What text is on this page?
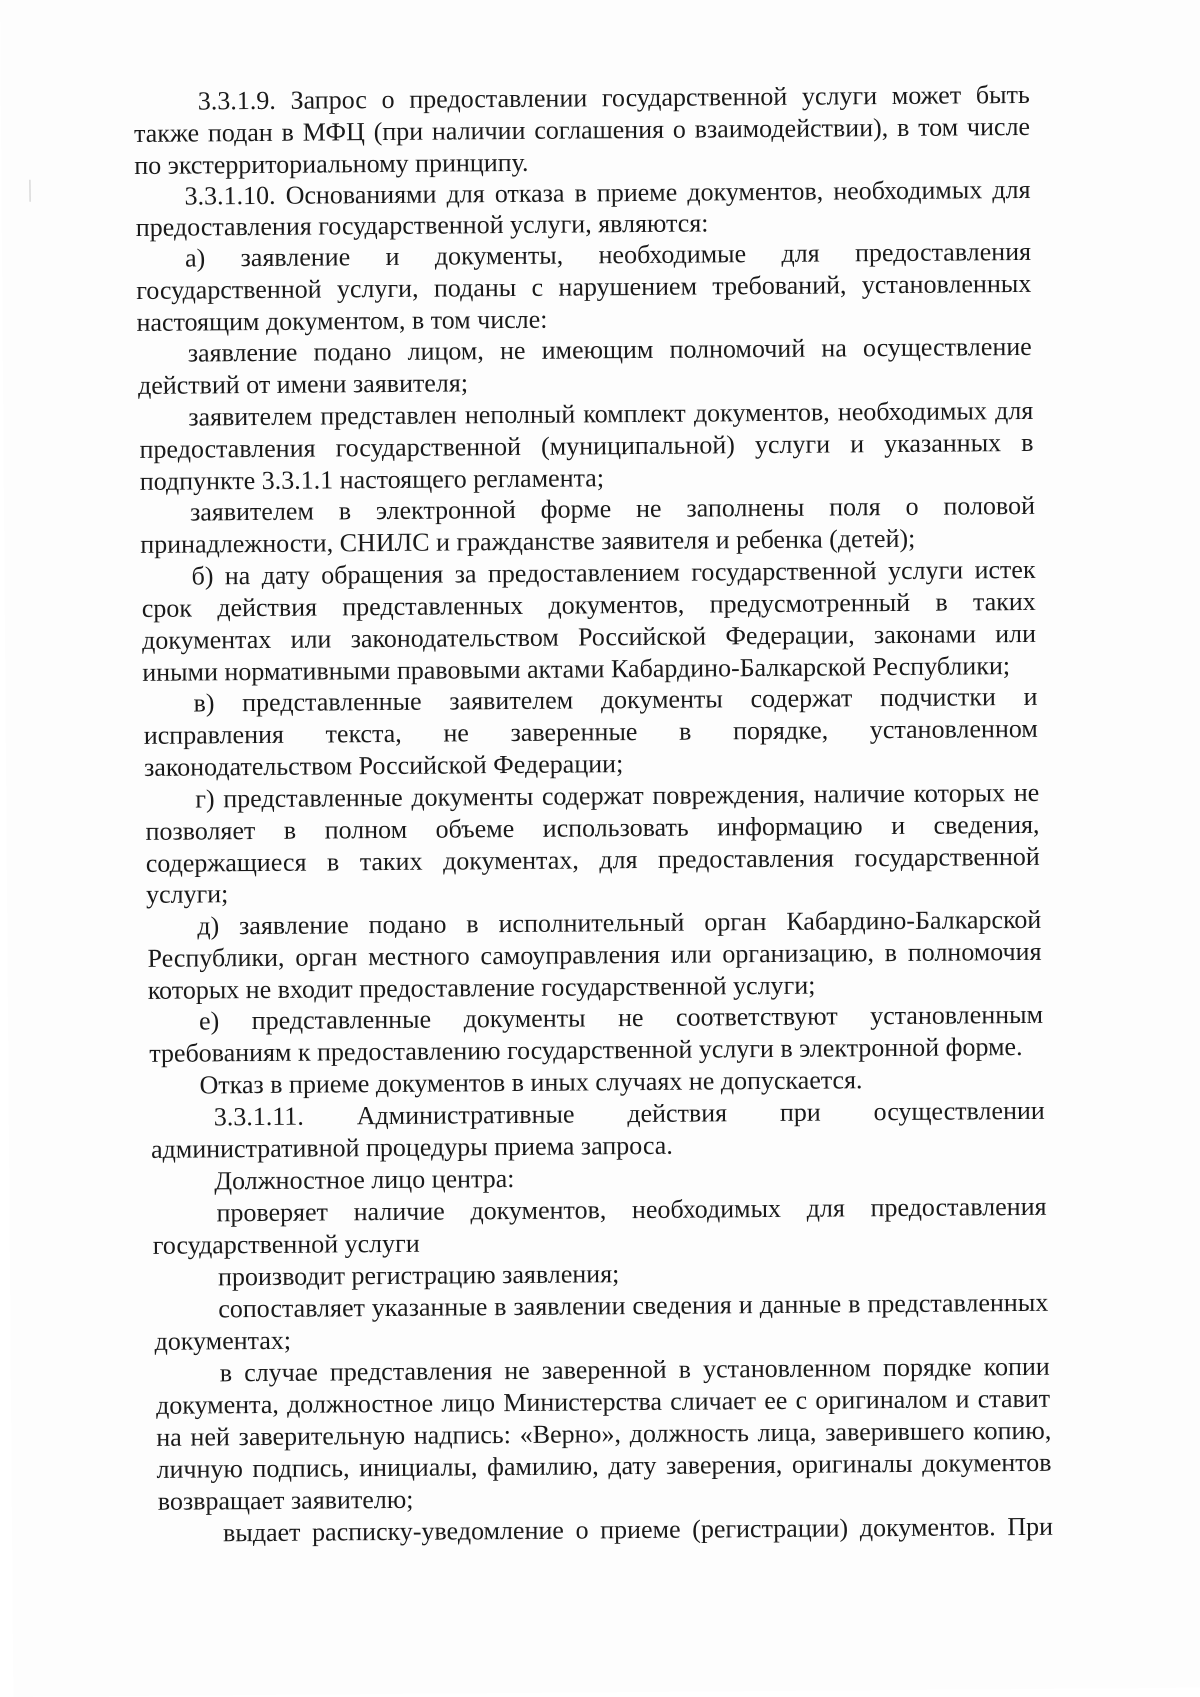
3.3.1.9. Запрос о предоставлении государственной услуги может быть

также подан в МФЦ (при наличии соглашения о взаимодействии), в том числе

по экстерриториальному принципу.

3.3.1.10. Основаниями для отказа в приеме документов, необходимых для

предоставления государственной услуги, являются:

а) заявление и документы, необходимые для предоставления

государственной услуги, поданы с нарушением требований, установленных

настоящим документом, в том числе:

заявление подано лицом, не имеющим полномочий на осуществление

действий от имени заявителя;

заявителем представлен неполный комплект документов, необходимых для

предоставления государственной (муниципальной) услуги и указанных в

подпункте 3.3.1.1 настоящего регламента;

заявителем в электронной форме не заполнены поля о половой

принадлежности, СНИЛС и гражданстве заявителя и ребенка (детей);

б) на дату обращения за предоставлением государственной услуги истек

срок действия представленных документов, предусмотренный в таких

документах или законодательством Российской Федерации, законами или

иными нормативными правовыми актами Кабардино-Балкарской Республики;

в) представленные заявителем документы содержат подчистки и

исправления текста, не заверенные в порядке, установленном

законодательством Российской Федерации;

г) представленные документы содержат повреждения, наличие которых не

позволяет в полном объеме использовать информацию и сведения,

содержащиеся в таких документах, для предоставления государственной

услуги;

д) заявление подано в исполнительный орган Кабардино-Балкарской

Республики, орган местного самоуправления или организацию, в полномочия

которых не входит предоставление государственной услуги;

е) представленные документы не соответствуют установленным

требованиям к предоставлению государственной услуги в электронной форме.

Отказ в приеме документов в иных случаях не допускается.

3.3.1.11. Административные действия при осуществлении

административной процедуры приема запроса.

Должностное лицо центра:

проверяет наличие документов, необходимых для предоставления

государственной услуги

производит регистрацию заявления;

сопоставляет указанные в заявлении сведения и данные в представленных

документах;

в случае представления не заверенной в установленном порядке копии

документа, должностное лицо Министерства сличает ее с оригиналом и ставит

на ней заверительную надпись: «Верно», должность лица, заверившего копию,

личную подпись, инициалы, фамилию, дату заверения, оригиналы документов

возвращает заявителю;

выдает расписку-уведомление о приеме (регистрации) документов. При
